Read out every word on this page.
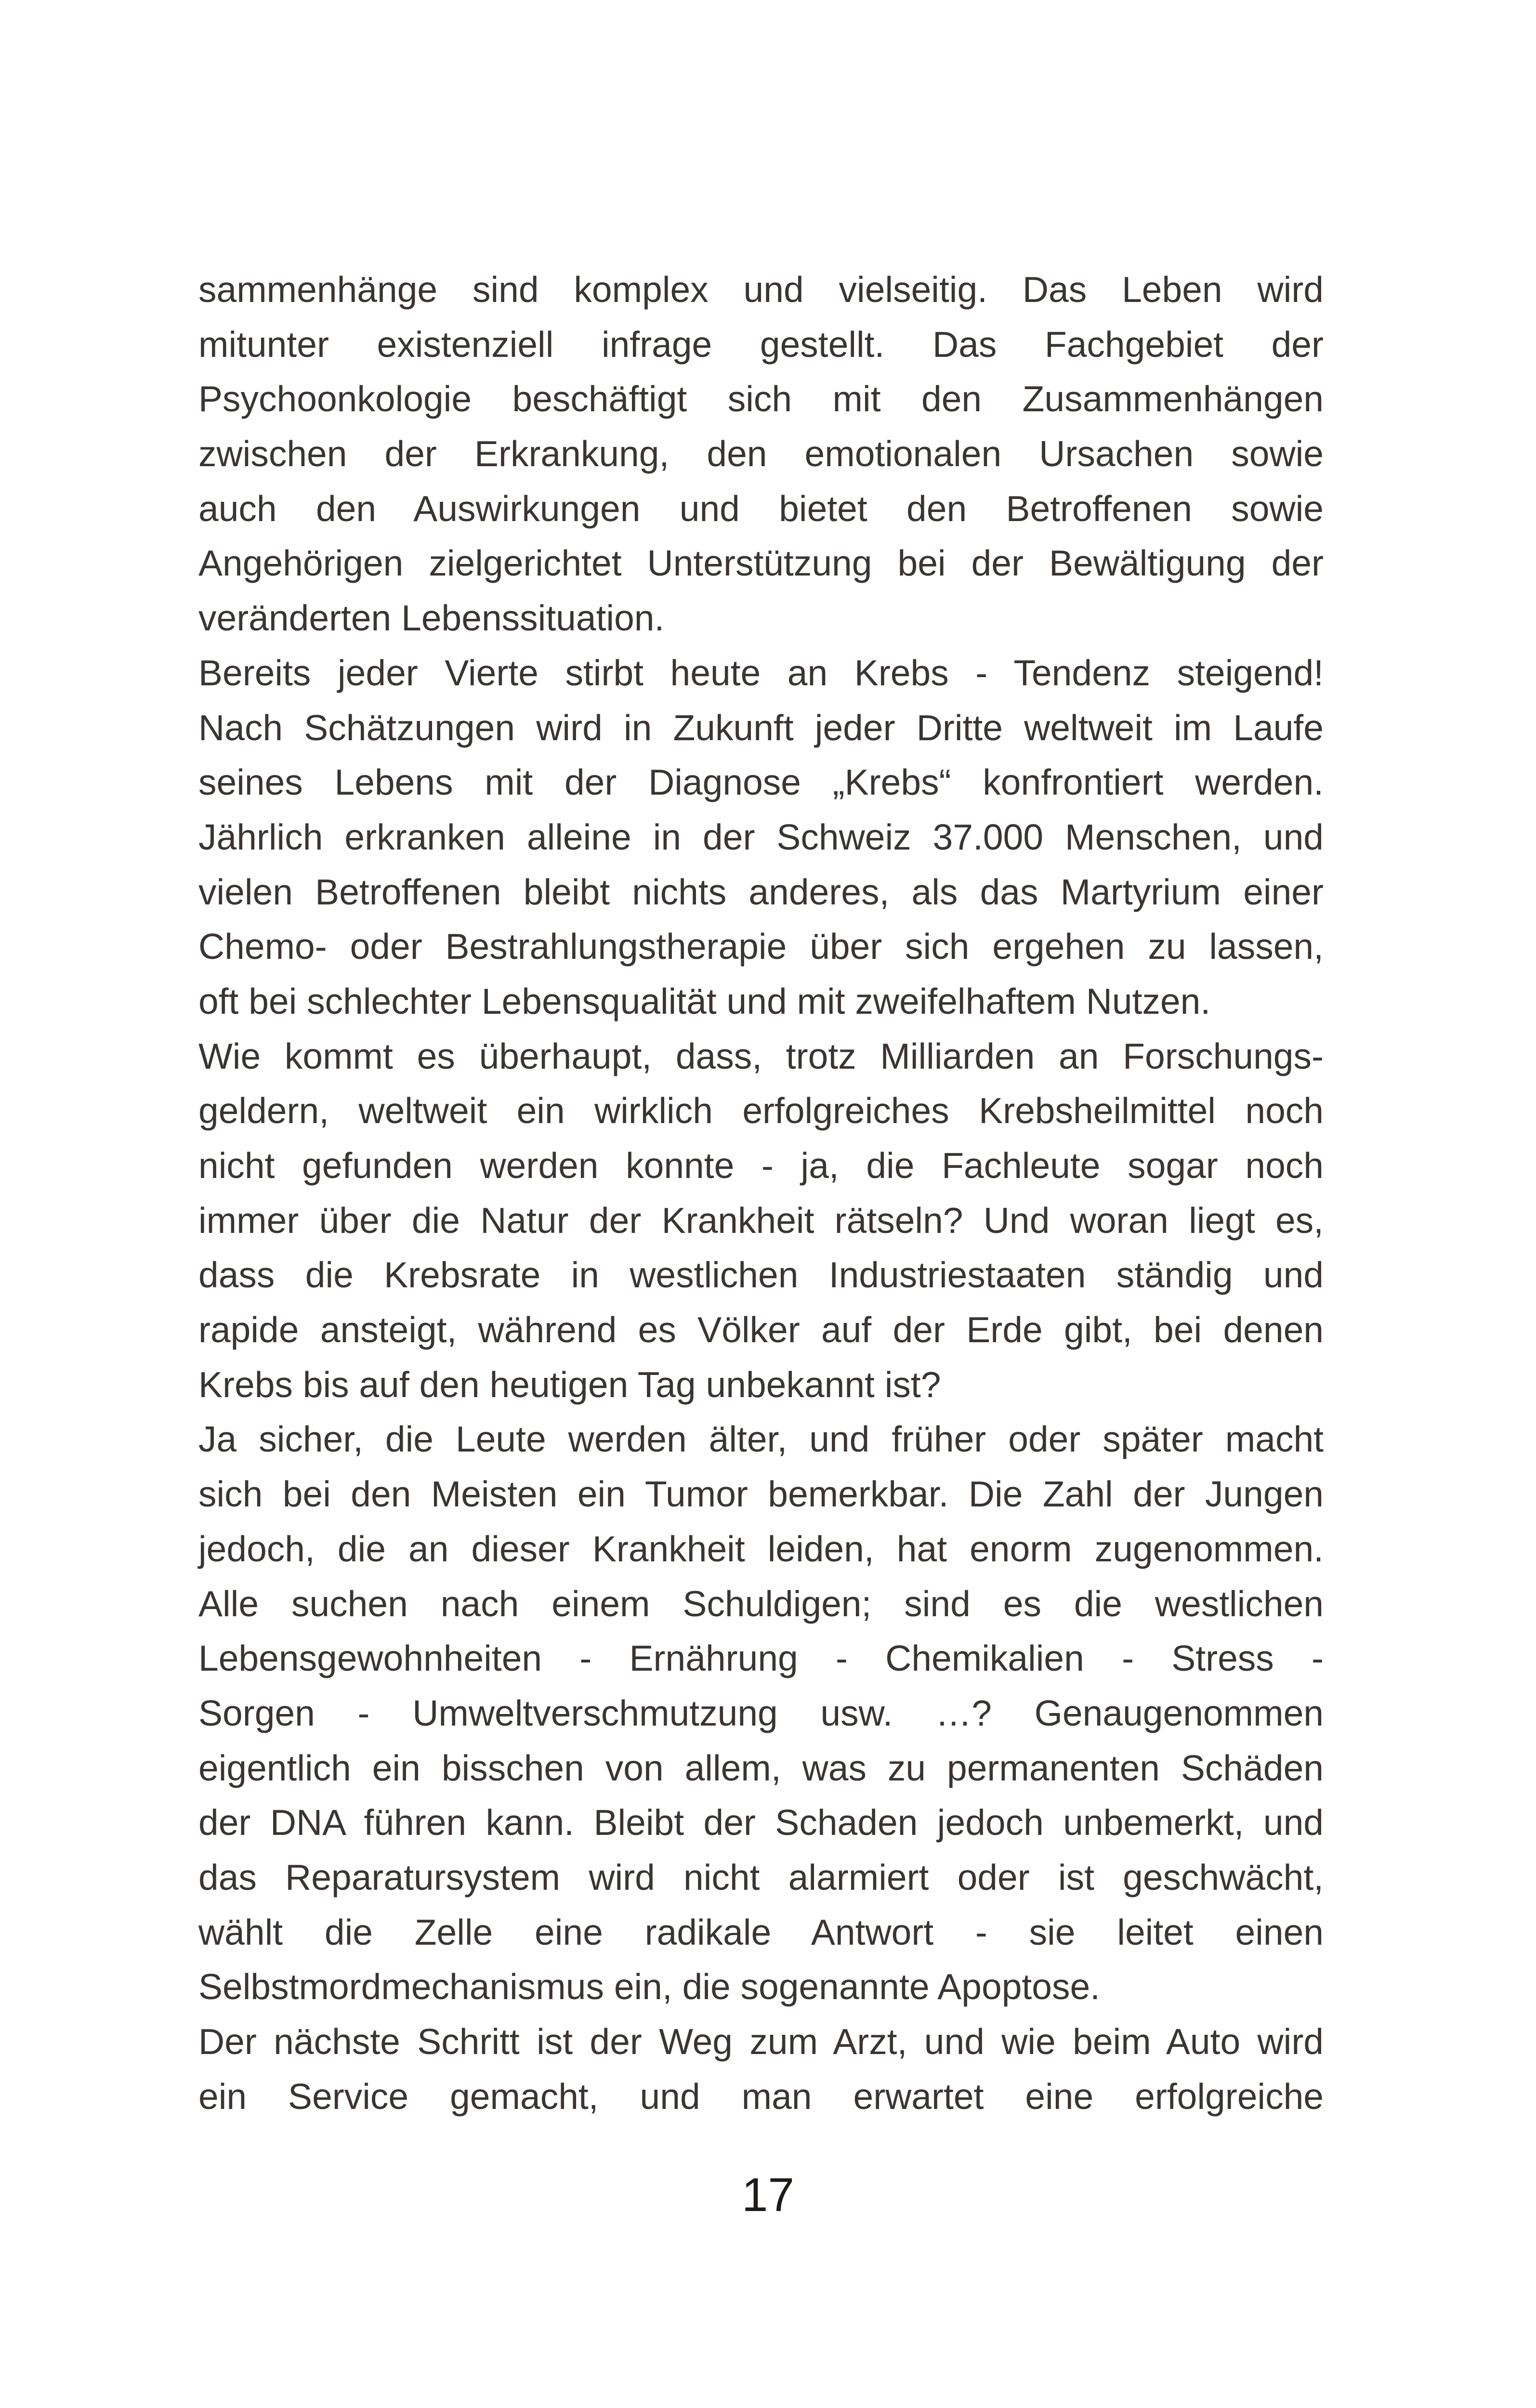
sammenhänge sind komplex und vielseitig. Das Leben wird
mitunter existenziell infrage gestellt. Das Fachgebiet der
Psychoonkologie beschäftigt sich mit den Zusammenhängen
zwischen der Erkrankung, den emotionalen Ursachen sowie
auch den Auswirkungen und bietet den Betroffenen sowie
Angehörigen zielgerichtet Unterstützung bei der Bewältigung der
veränderten Lebenssituation.
Bereits jeder Vierte stirbt heute an Krebs - Tendenz steigend!
Nach Schätzungen wird in Zukunft jeder Dritte weltweit im Laufe
seines Lebens mit der Diagnose „Krebs“ konfrontiert werden.
Jährlich erkranken alleine in der Schweiz 37.000 Menschen, und
vielen Betroffenen bleibt nichts anderes, als das Martyrium einer
Chemo- oder Bestrahlungstherapie über sich ergehen zu lassen,
oft bei schlechter Lebensqualität und mit zweifelhaftem Nutzen.
Wie kommt es überhaupt, dass, trotz Milliarden an Forschungs-
geldern, weltweit ein wirklich erfolgreiches Krebsheilmittel noch
nicht gefunden werden konnte - ja, die Fachleute sogar noch
immer über die Natur der Krankheit rätseln? Und woran liegt es,
dass die Krebsrate in westlichen Industriestaaten ständig und
rapide ansteigt, während es Völker auf der Erde gibt, bei denen
Krebs bis auf den heutigen Tag unbekannt ist?
Ja sicher, die Leute werden älter, und früher oder später macht
sich bei den Meisten ein Tumor bemerkbar. Die Zahl der Jungen
jedoch, die an dieser Krankheit leiden, hat enorm zugenommen.
Alle suchen nach einem Schuldigen; sind es die westlichen
Lebensgewohnheiten - Ernährung - Chemikalien - Stress -
Sorgen - Umweltverschmutzung usw. …? Genaugenommen
eigentlich ein bisschen von allem, was zu permanenten Schäden
der DNA führen kann. Bleibt der Schaden jedoch unbemerkt, und
das Reparatursystem wird nicht alarmiert oder ist geschwächt,
wählt die Zelle eine radikale Antwort - sie leitet einen
Selbstmordmechanismus ein, die sogenannte Apoptose.
Der nächste Schritt ist der Weg zum Arzt, und wie beim Auto wird
ein Service gemacht, und man erwartet eine erfolgreiche
17
